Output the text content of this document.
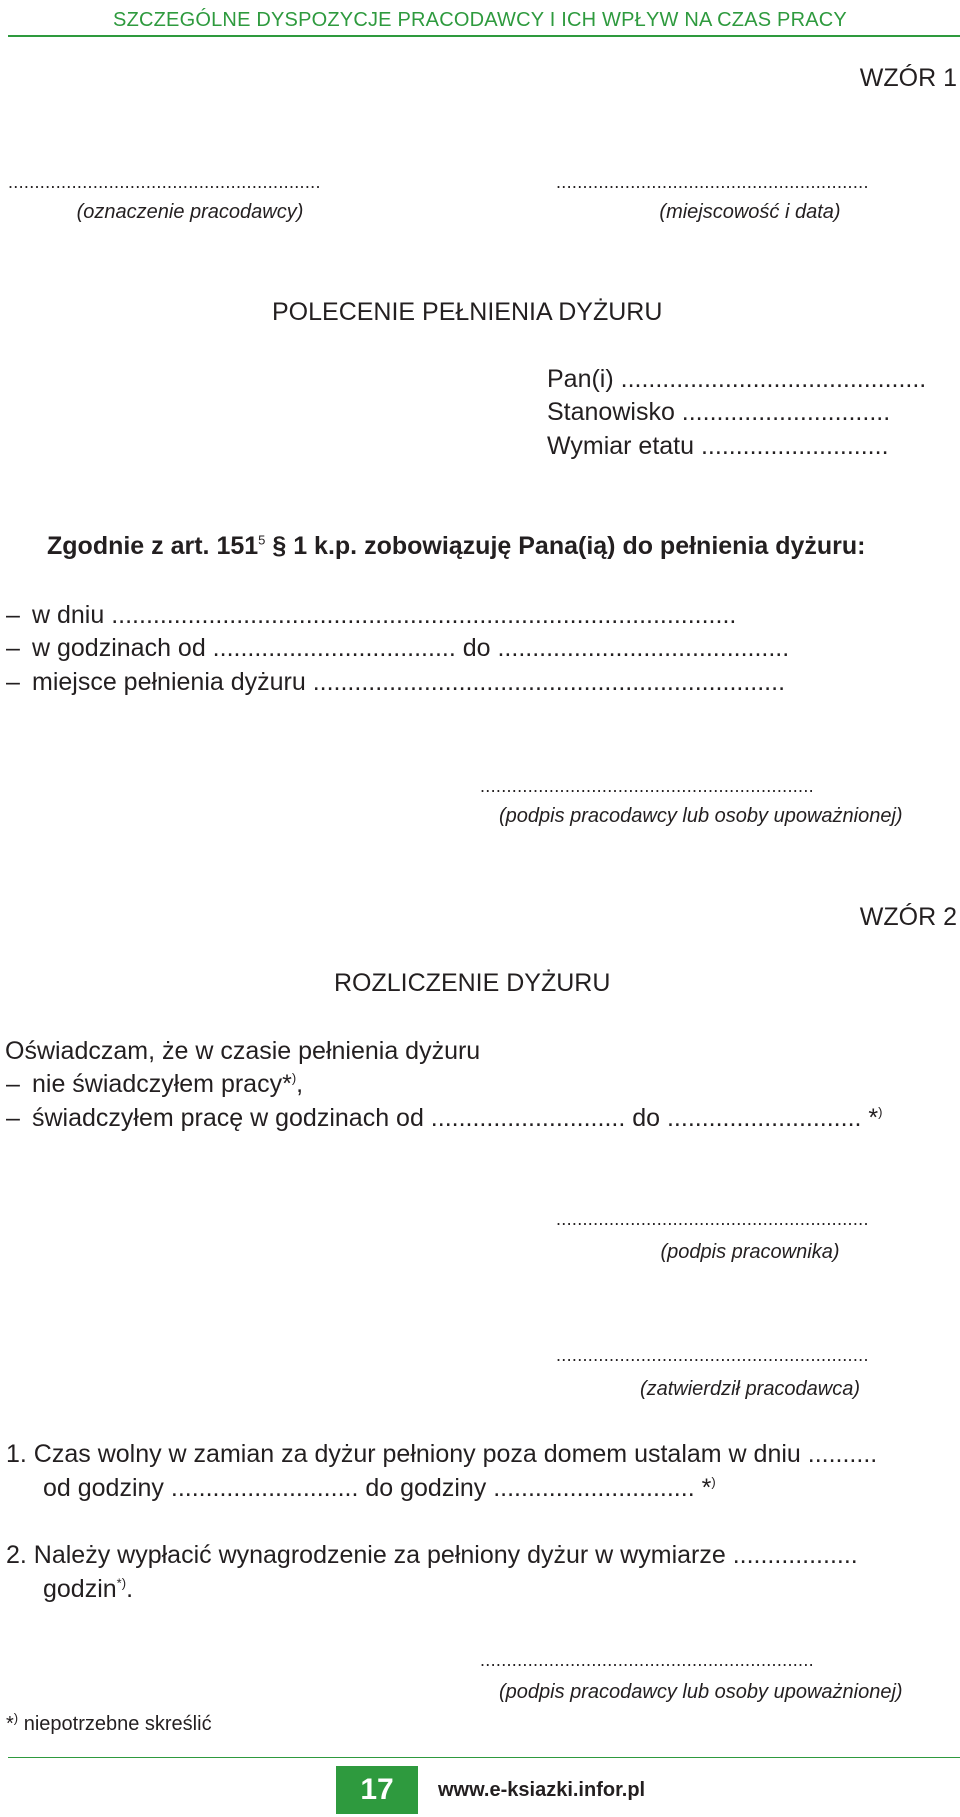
SZCZEGÓLNE DYSPOZYCJE PRACODAWCY I ICH WPŁYW NA CZAS PRACY
WZÓR 1
...........................................................
(oznaczenie pracodawcy)
...........................................................
(miejscowość i data)
POLECENIE PEŁNIENIA DYŻURU
Pan(i) ............................................
Stanowisko ..............................
Wymiar etatu ...........................
Zgodnie z art. $151^5$ § 1 k.p. zobowiązuję Pana(ią) do pełnienia dyżuru:
– w dniu ..........................................................................................
– w godzinach od ................................... do ..........................................
– miejsce pełnienia dyżuru ....................................................................
...............................................................
(podpis pracodawcy lub osoby upoważnionej)
WZÓR 2
ROZLICZENIE DYŻURU
Oświadczam, że w czasie pełnienia dyżuru
– nie świadczyłem pracy*),
– świadczyłem pracę w godzinach od ............................ do ............................ *)
...........................................................
(podpis pracownika)
...........................................................
(zatwierdził pracodawca)
1. Czas wolny w zamian za dyżur pełniony poza domem ustalam w dniu ..........
od godziny ........................... do godziny ............................. *)
2. Należy wypłacić wynagrodzenie za pełniony dyżur w wymiarze ..................
godzin*).
...............................................................
(podpis pracodawcy lub osoby upoważnionej)
*) niepotrzebne skreślić
17	www.e-ksiazki.infor.pl
